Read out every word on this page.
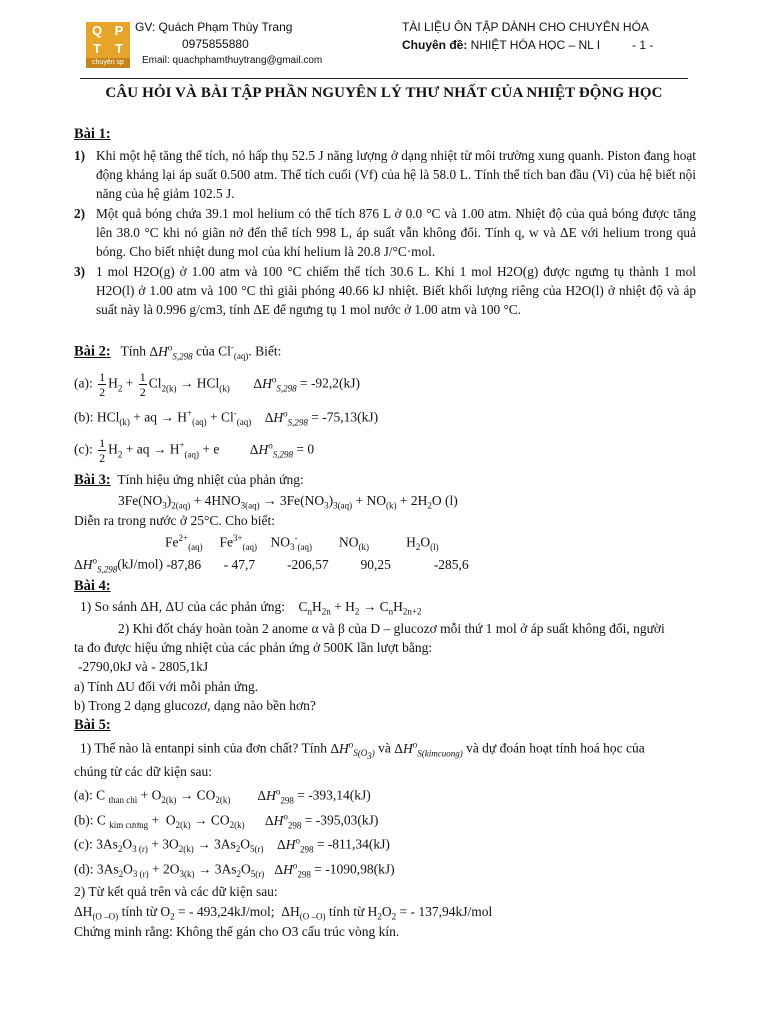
Q P
T	T
chuyên sp
GV: Quách Phạm Thùy Trang
0975855880
Email: quachphamthuytrang@gmail.com
TÀI LIỆU ÔN TẬP DÀNH CHO CHUYÊN HÓA
Chuyên đề: NHIỆT HÓA HỌC – NL I	- 1 -
CÂU HỎI VÀ BÀI TẬP PHẦN NGUYÊN LÝ THƯ NHẤT CỦA NHIỆT ĐỘNG HỌC
Bài 1:
1) Khi một hệ tăng thể tích, nó hấp thụ 52.5 J năng lượng ở dạng nhiệt từ môi trường xung quanh. Piston đang hoạt động kháng lại áp suất 0.500 atm. Thể tích cuối (Vf) của hệ là 58.0 L. Tính thể tích ban đầu (Vi) của hệ biết nội năng của hệ giảm 102.5 J.
2) Một quả bóng chứa 39.1 mol helium có thể tích 876 L ở 0.0 °C và 1.00 atm. Nhiệt độ của quả bóng được tăng lên 38.0 °C khi nó giãn nở đến thể tích 998 L, áp suất vẫn không đổi. Tính q, w và ΔE với helium trong quả bóng. Cho biết nhiệt dung mol của khí helium là 20.8 J/°C·mol.
3) 1 mol H2O(g) ở 1.00 atm và 100 °C chiếm thể tích 30.6 L. Khi 1 mol H2O(g) được ngưng tụ thành 1 mol H2O(l) ở 1.00 atm và 100 °C thì giải phóng 40.66 kJ nhiệt. Biết khối lượng riêng của H2O(l) ở nhiệt độ và áp suất này là 0.996 g/cm3, tính ΔE để ngưng tụ 1 mol nước ở 1.00 atm và 100 °C.
Bài 2: Tính $\Delta H^o_{S,298}$ của $Cl^-_{(aq)}$. Biết:
(a): $\frac{1}{2} H_2 + \frac{1}{2} Cl_{2(k)} \to HCl_{(k)}$ $\Delta H^o_{S,298} = -92,2(kJ)$
(b): HCl$_{(k)}$ + aq → $H^+_{(aq)} + Cl^-_{(aq)}$ $\Delta H^o_{S,298} = -75,13(kJ)$
(c): $\frac{1}{2} H_2$ + aq → $H^+_{(aq)} + e$         $\Delta H^o_{S,298} = 0$
Bài 3: Tính hiệu ứng nhiệt của phản ứng:
$3Fe(NO_3)_{2(aq)} + 4HNO_{3(aq)} \to 3Fe(NO_3)_{3(aq)} + NO_{(k)} + 2H_2O$ (l)
Diễn ra trong nước ở 25°C. Cho biết:
$Fe^{2+}_{(aq)}$     $Fe^{3+}_{(aq)}$    $NO_3^-_{(aq)}$        $NO_{(k)}$           $H_2O_{(l)}$
$\Delta H^o_{S,298}(kJ/mol)$ -87,86 - 47,7 -206,57 90,25	-285,6
Bài 4:
1) So sánh ΔH, ΔU của các phản ứng:    $C_nH_{2n} + H_2 \to C_nH_{2n+2}$
2) Khi đốt cháy hoàn toàn 2 anome α và β của D – glucozơ mỗi thứ 1 mol ở áp suất không đổi, người
ta đo được hiệu ứng nhiệt của các phản ứng ở 500K lần lượt bằng:
-2790,0kJ và - 2805,1kJ
a) Tính ΔU đối với mỗi phản ứng.
b) Trong 2 dạng glucozơ, dạng nào bền hơn?
Bài 5:
1) Thế nào là entanpi sinh của đơn chất? Tính $\Delta H^o_{S(O_3)}$ và $\Delta H^o_{S(kimcuong)}$ và dự đoán hoạt tính hoá học của
chúng từ các dữ kiện sau:
(a): C $_{than chì} + O_{2(k)} \to CO_{2(k)}$ $\Delta H^o_{298} = -393,14(kJ)$
(b): C $_{kim cương} + O_{2(k)} \to CO_{2(k)}$ $\Delta H^o_{298} = -395,03(kJ)$
(c): $3As_2O_{3 (r)} + 3O_{2(k)} \to 3As_2O_{5(r)}$ $\Delta H^o_{298} = -811,34(kJ)$
(d): $3As_2O_{3 (r)} + 2O_{3(k)} \to 3As_2O_{5(r)}$ $\Delta H^o_{298} = -1090,98(kJ)$
2) Từ kết quả trên và các dữ kiện sau:
$\Delta H_{(O -O)}$ tính từ $O_2$ = - 493,24kJ/mol;  $\Delta H_{(O -O)}$ tính từ $H_2O_2$ = - 137,94kJ/mol
Chứng minh rằng: Không thể gán cho O3 cấu trúc vòng kín.
